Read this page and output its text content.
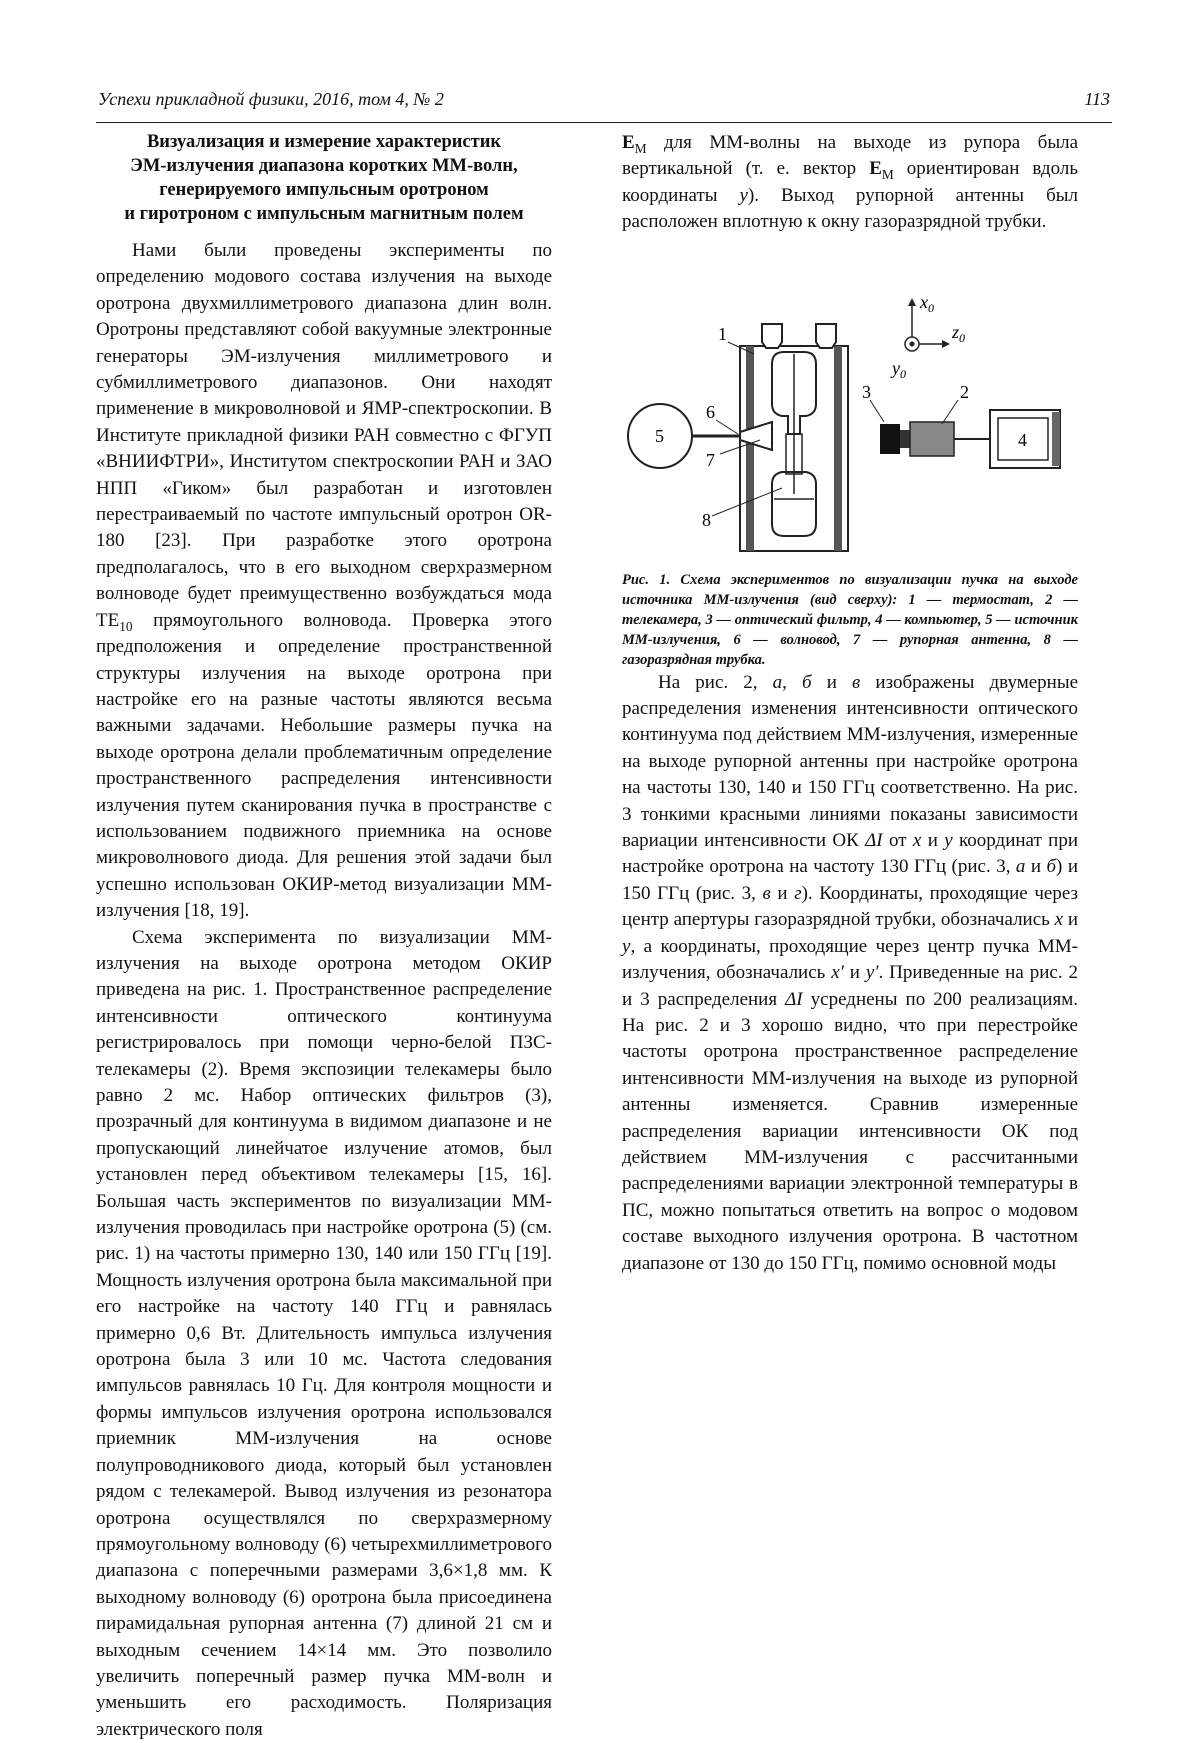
Успехи прикладной физики, 2016, том 4, № 2	113
Визуализация и измерение характеристик
ЭМ-излучения диапазона коротких ММ-волн,
генерируемого импульсным оротроном
и гиротроном с импульсным магнитным полем

Нами были проведены эксперименты по определению модового состава излучения на выходе оротрона двухмиллиметрового диапазона длин волн. Оротроны представляют собой вакуумные электронные генераторы ЭМ-излучения миллиметрового и субмиллиметрового диапазонов. Они находят применение в микроволновой и ЯМР-спектроскопии. В Институте прикладной физики РАН совместно с ФГУП «ВНИИФТРИ», Институтом спектроскопии РАН и ЗАО НПП «Гиком» был разработан и изготовлен перестраиваемый по частоте импульсный оротрон OR-180 [23]. При разработке этого оротрона предполагалось, что в его выходном сверхразмерном волноводе будет преимущественно возбуждаться мода $TE_{10}$ прямоугольного волновода. Проверка этого предположения и определение пространственной структуры излучения на выходе оротрона при настройке его на разные частоты являются весьма важными задачами. Небольшие размеры пучка на выходе оротрона делали проблематичным определение пространственного распределения интенсивности излучения путем сканирования пучка в пространстве с использованием подвижного приемника на основе микроволнового диода. Для решения этой задачи был успешно использован ОКИР-метод визуализации ММ-излучения [18, 19].

Схема эксперимента по визуализации ММ-излучения на выходе оротрона методом ОКИР приведена на рис. 1. Пространственное распределение интенсивности оптического континуума регистрировалось при помощи черно-белой ПЗС-телекамеры (2). Время экспозиции телекамеры было равно 2 мс. Набор оптических фильтров (3), прозрачный для континуума в видимом диапазоне и не пропускающий линейчатое излучение атомов, был установлен перед объективом телекамеры [15, 16]. Большая часть экспериментов по визуализации ММ-излучения проводилась при настройке оротрона (5) (см. рис. 1) на частоты примерно 130, 140 или 150 ГГц [19]. Мощность излучения оротрона была максимальной при его настройке на частоту 140 ГГц и равнялась примерно 0,6 Вт. Длительность импульса излучения оротрона была 3 или 10 мс. Частота следования импульсов равнялась 10 Гц. Для контроля мощности и формы импульсов излучения оротрона использовался приемник ММ-излучения на основе полупроводникового диода, который был установлен рядом с телекамерой. Вывод излучения из резонатора оротрона осуществлялся по сверхразмерному прямоугольному волноводу (6) четырехмиллиметрового диапазона с поперечными размерами 3,6×1,8 мм. К выходному волноводу (6) оротрона была присоединена пирамидальная рупорная антенна (7) длиной 21 см и выходным сечением 14×14 мм. Это позволило увеличить поперечный размер пучка ММ-волн и уменьшить его расходимость. Поляризация электрического поля

$E_М$ для ММ-волны на выходе из рупора была вертикальной (т. е. вектор $E_М$ ориентирован вдоль координаты y). Выход рупорной антенны был расположен вплотную к окну газоразрядной трубки.

1
2
3
4
5
6
7
8
$x_0$
$z_0$
$y_0$
Рис. 1. Схема экспериментов по визуализации пучка на выходе источника ММ-излучения (вид сверху): 1 — термостат, 2 — телекамера, 3 — оптический фильтр, 4 — компьютер, 5 — источник ММ-излучения, 6 — волновод, 7 — рупорная антенна, 8 — газоразрядная трубка.

На рис. 2, а, б и в изображены двумерные распределения изменения интенсивности оптического континуума под действием ММ-излучения, измеренные на выходе рупорной антенны при настройке оротрона на частоты 130, 140 и 150 ГГц соответственно. На рис. 3 тонкими красными линиями показаны зависимости вариации интенсивности ОК ΔI от x и y координат при настройке оротрона на частоту 130 ГГц (рис. 3, а и б) и 150 ГГц (рис. 3, в и г). Координаты, проходящие через центр апертуры газоразрядной трубки, обозначались x и y, а координаты, проходящие через центр пучка ММ-излучения, обозначались x′ и y′. Приведенные на рис. 2 и 3 распределения ΔI усреднены по 200 реализациям. На рис. 2 и 3 хорошо видно, что при перестройке частоты оротрона пространственное распределение интенсивности ММ-излучения на выходе из рупорной антенны изменяется. Сравнив измеренные распределения вариации интенсивности ОК под действием ММ-излучения с рассчитанными распределениями вариации электронной температуры в ПС, можно попытаться ответить на вопрос о модовом составе выходного излучения оротрона. В частотном диапазоне от 130 до 150 ГГц, помимо основной моды
